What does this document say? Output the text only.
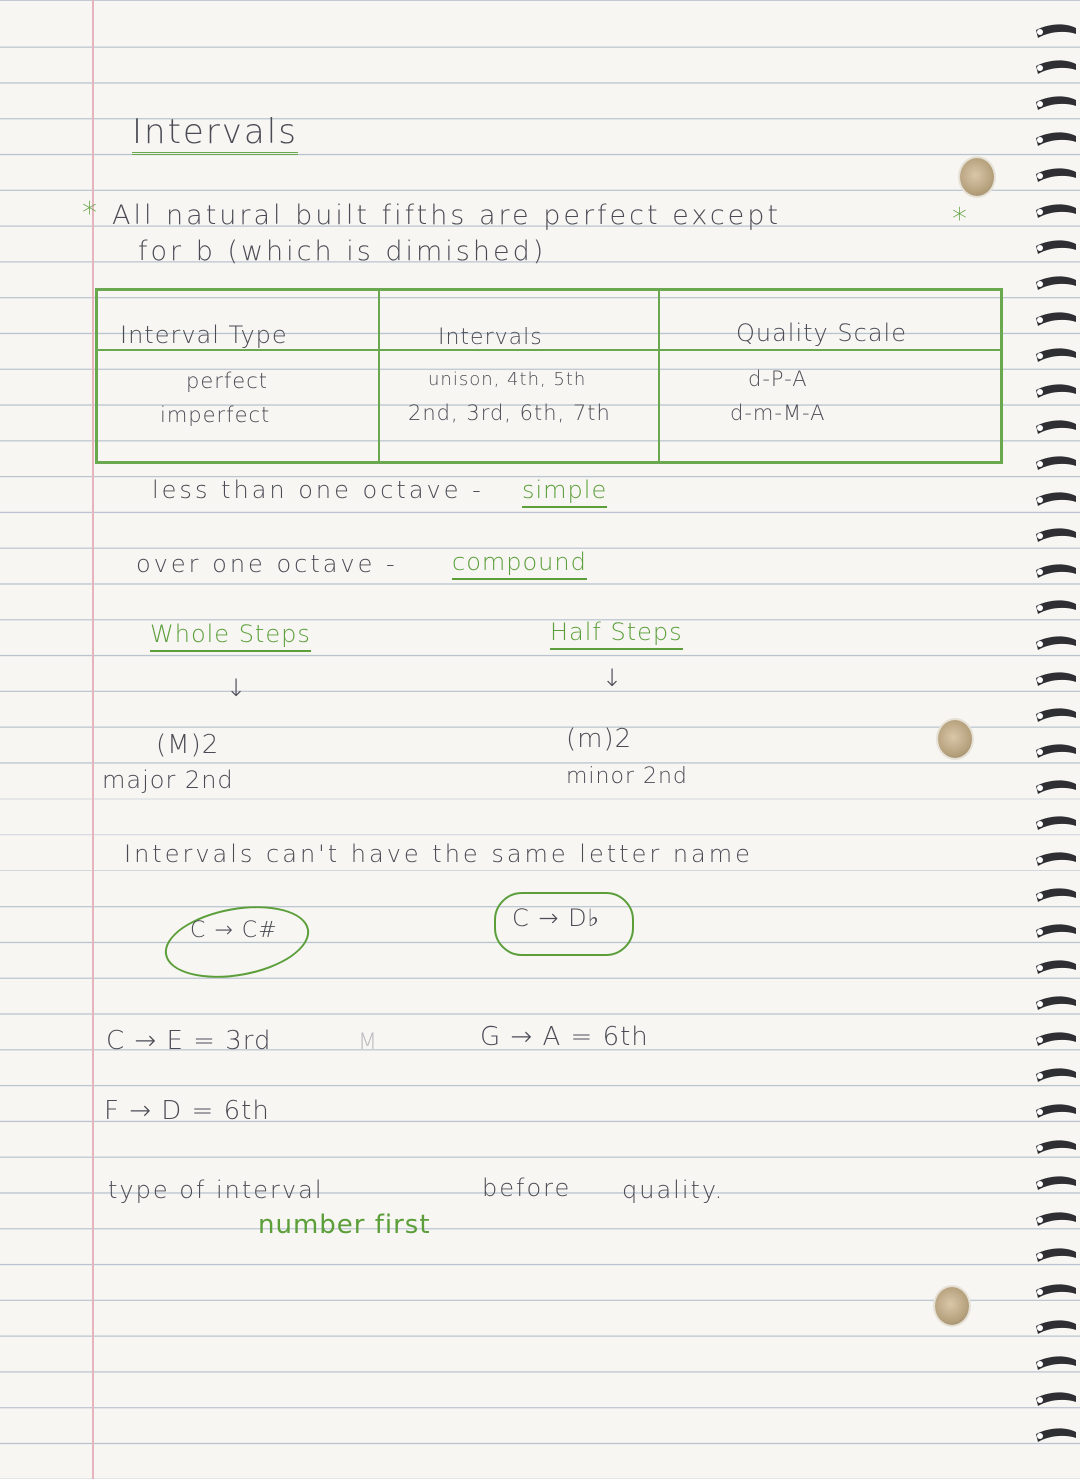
Intervals
* All natural built fifths are perfect except	*
for b (which is dimished)
Interval Type	Intervals	Quality Scale
perfect	unison, 4th, 5th	d-P-A
imperfect	2nd, 3rd, 6th, 7th	d-m-M-A
less than one octave - simple
over one octave - compound
Whole Steps
↓
(M)2
major 2nd
Half Steps
↓
(m)2
minor 2nd
Intervals can't have the same letter name
C → C#	C → D♭
C → E = 3rd	M	G → A = 6th
F → D = 6th
type of interval	before quality.
number first
